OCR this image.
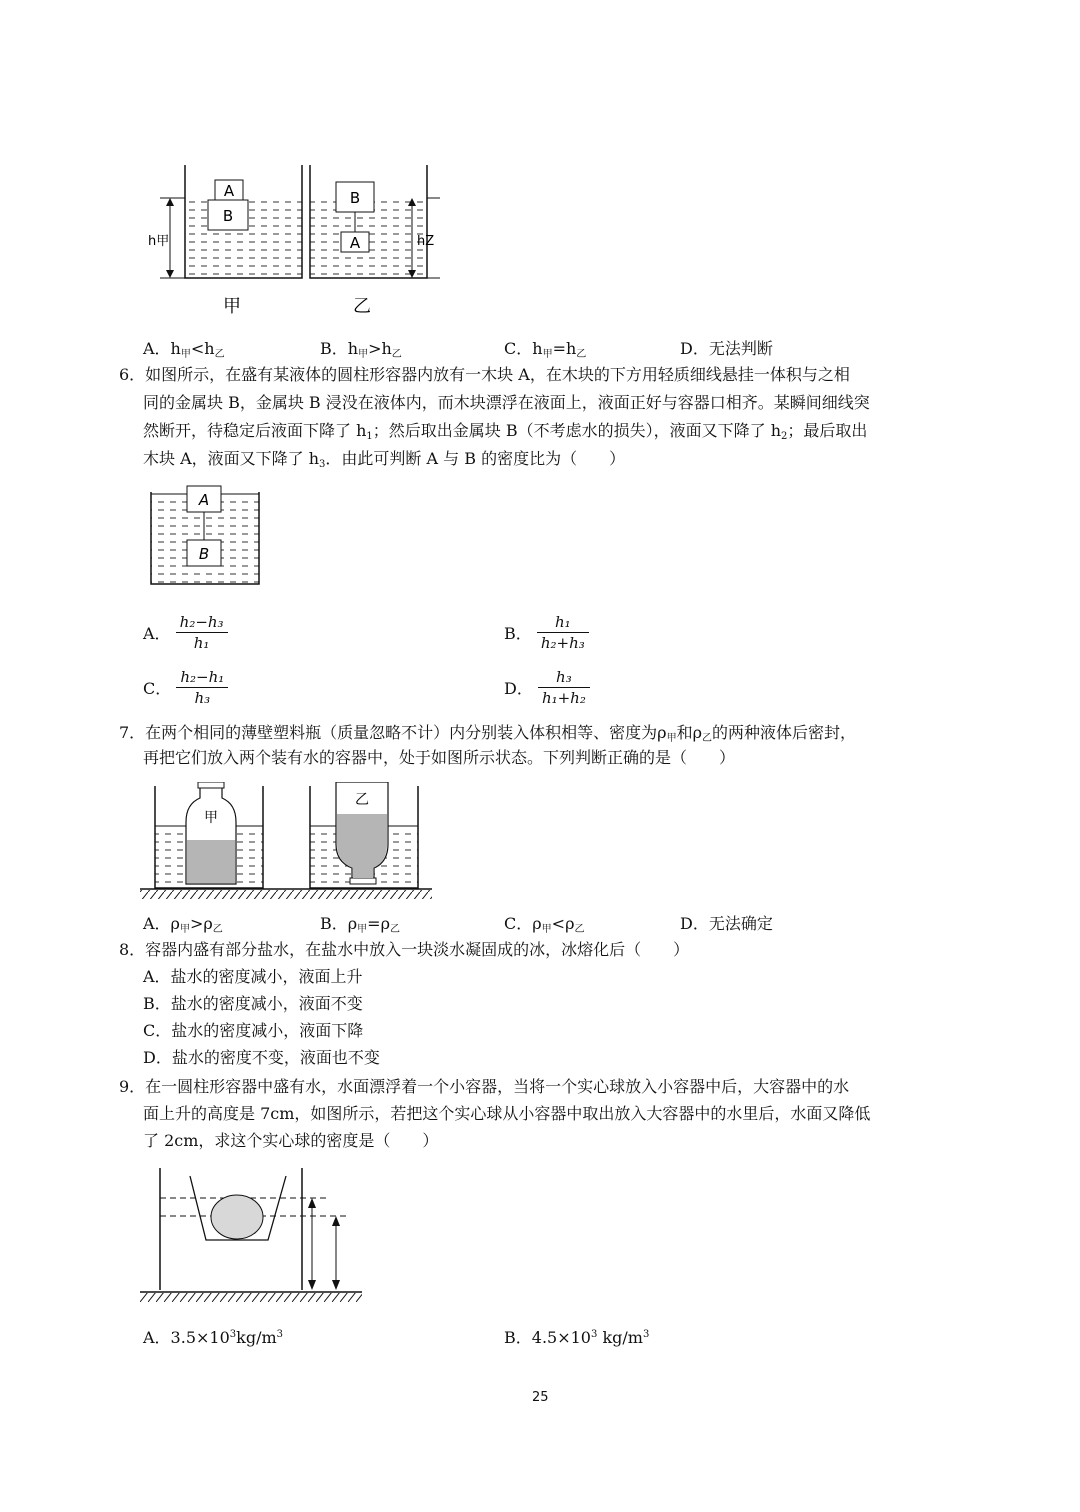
A
B
h甲
甲
B
A	hZ
乙
A．$h_甲<h_乙$	B．$h_甲>h_乙$	C．$h_甲=h_乙$	D．无法判断
6．如图所示，在盛有某液体的圆柱形容器内放有一木块 A，在木块的下方用轻质细线悬挂一体积与之相
同的金属块 B，金属块 B 浸没在液体内，而木块漂浮在液面上，液面正好与容器口相齐。某瞬间细线突
然断开，待稳定后液面下降了 $h_1$；然后取出金属块 B（不考虑水的损失），液面又下降了 $h_2$；最后取出
木块 A，液面又下降了 $h_3$．由此可判断 A 与 B 的密度比为（　　）
A
B
A． $\frac{\text{h₂−h₃}}{\text{h₁}}$	B． $\frac{\text{h₁}}{\text{h₂+h₃}}$
C． $\frac{\text{h₂−h₁}}{\text{h₃}}$	D． $\frac{\text{h₃}}{\text{h₁+h₂}}$
7．在两个相同的薄壁塑料瓶（质量忽略不计）内分别装入体积相等、密度为$\rho_甲$和$\rho_乙$的两种液体后密封，
再把它们放入两个装有水的容器中，处于如图所示状态。下列判断正确的是（　　）
甲
乙
A．$\rho_甲>\rho_乙$	B．$\rho_甲=\rho_乙$	C．$\rho_甲<\rho_乙$	D．无法确定
8．容器内盛有部分盐水，在盐水中放入一块淡水凝固成的冰，冰熔化后（　　）
A．盐水的密度减小，液面上升
B．盐水的密度减小，液面不变
C．盐水的密度减小，液面下降
D．盐水的密度不变，液面也不变
9．在一圆柱形容器中盛有水，水面漂浮着一个小容器，当将一个实心球放入小容器中后，大容器中的水
面上升的高度是 7cm，如图所示，若把这个实心球从小容器中取出放入大容器中的水里后，水面又降低
了 2cm，求这个实心球的密度是（　　）
A．$3.5\times 10^3kg/m^3$	B．$4.5\times 10^3$ $kg/m^3$
25
